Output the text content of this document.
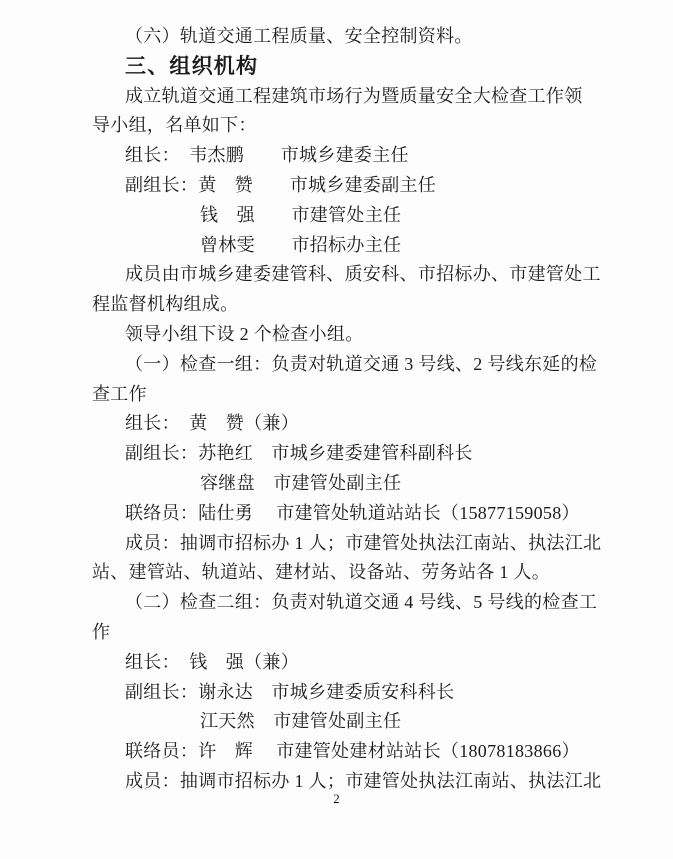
（六）轨道交通工程质量、安全控制资料。

三、组织机构

成立轨道交通工程建筑市场行为暨质量安全大检查工作领

导小组，名单如下：

组长：　韦杰鹏　　市城乡建委主任

副组长：黄　赞　　市城乡建委副主任

钱　强　　市建管处主任

曾林雯　　市招标办主任

成员由市城乡建委建管科、质安科、市招标办、市建管处工

程监督机构组成。

领导小组下设 2 个检查小组。

（一）检查一组：负责对轨道交通 3 号线、2 号线东延的检

查工作

组长：　黄　赞（兼）

副组长：苏艳红　市城乡建委建管科副科长

容继盘　市建管处副主任

联络员：陆仕勇　 市建管处轨道站站长（15877159058）

成员：抽调市招标办 1 人；市建管处执法江南站、执法江北

站、建管站、轨道站、建材站、设备站、劳务站各 1 人。

（二）检查二组：负责对轨道交通 4 号线、5 号线的检查工

作

组长：　钱　强（兼）

副组长：谢永达　市城乡建委质安科科长

江天然　市建管处副主任

联络员：许　辉　 市建管处建材站站长（18078183866）

成员：抽调市招标办 1 人；市建管处执法江南站、执法江北

2
